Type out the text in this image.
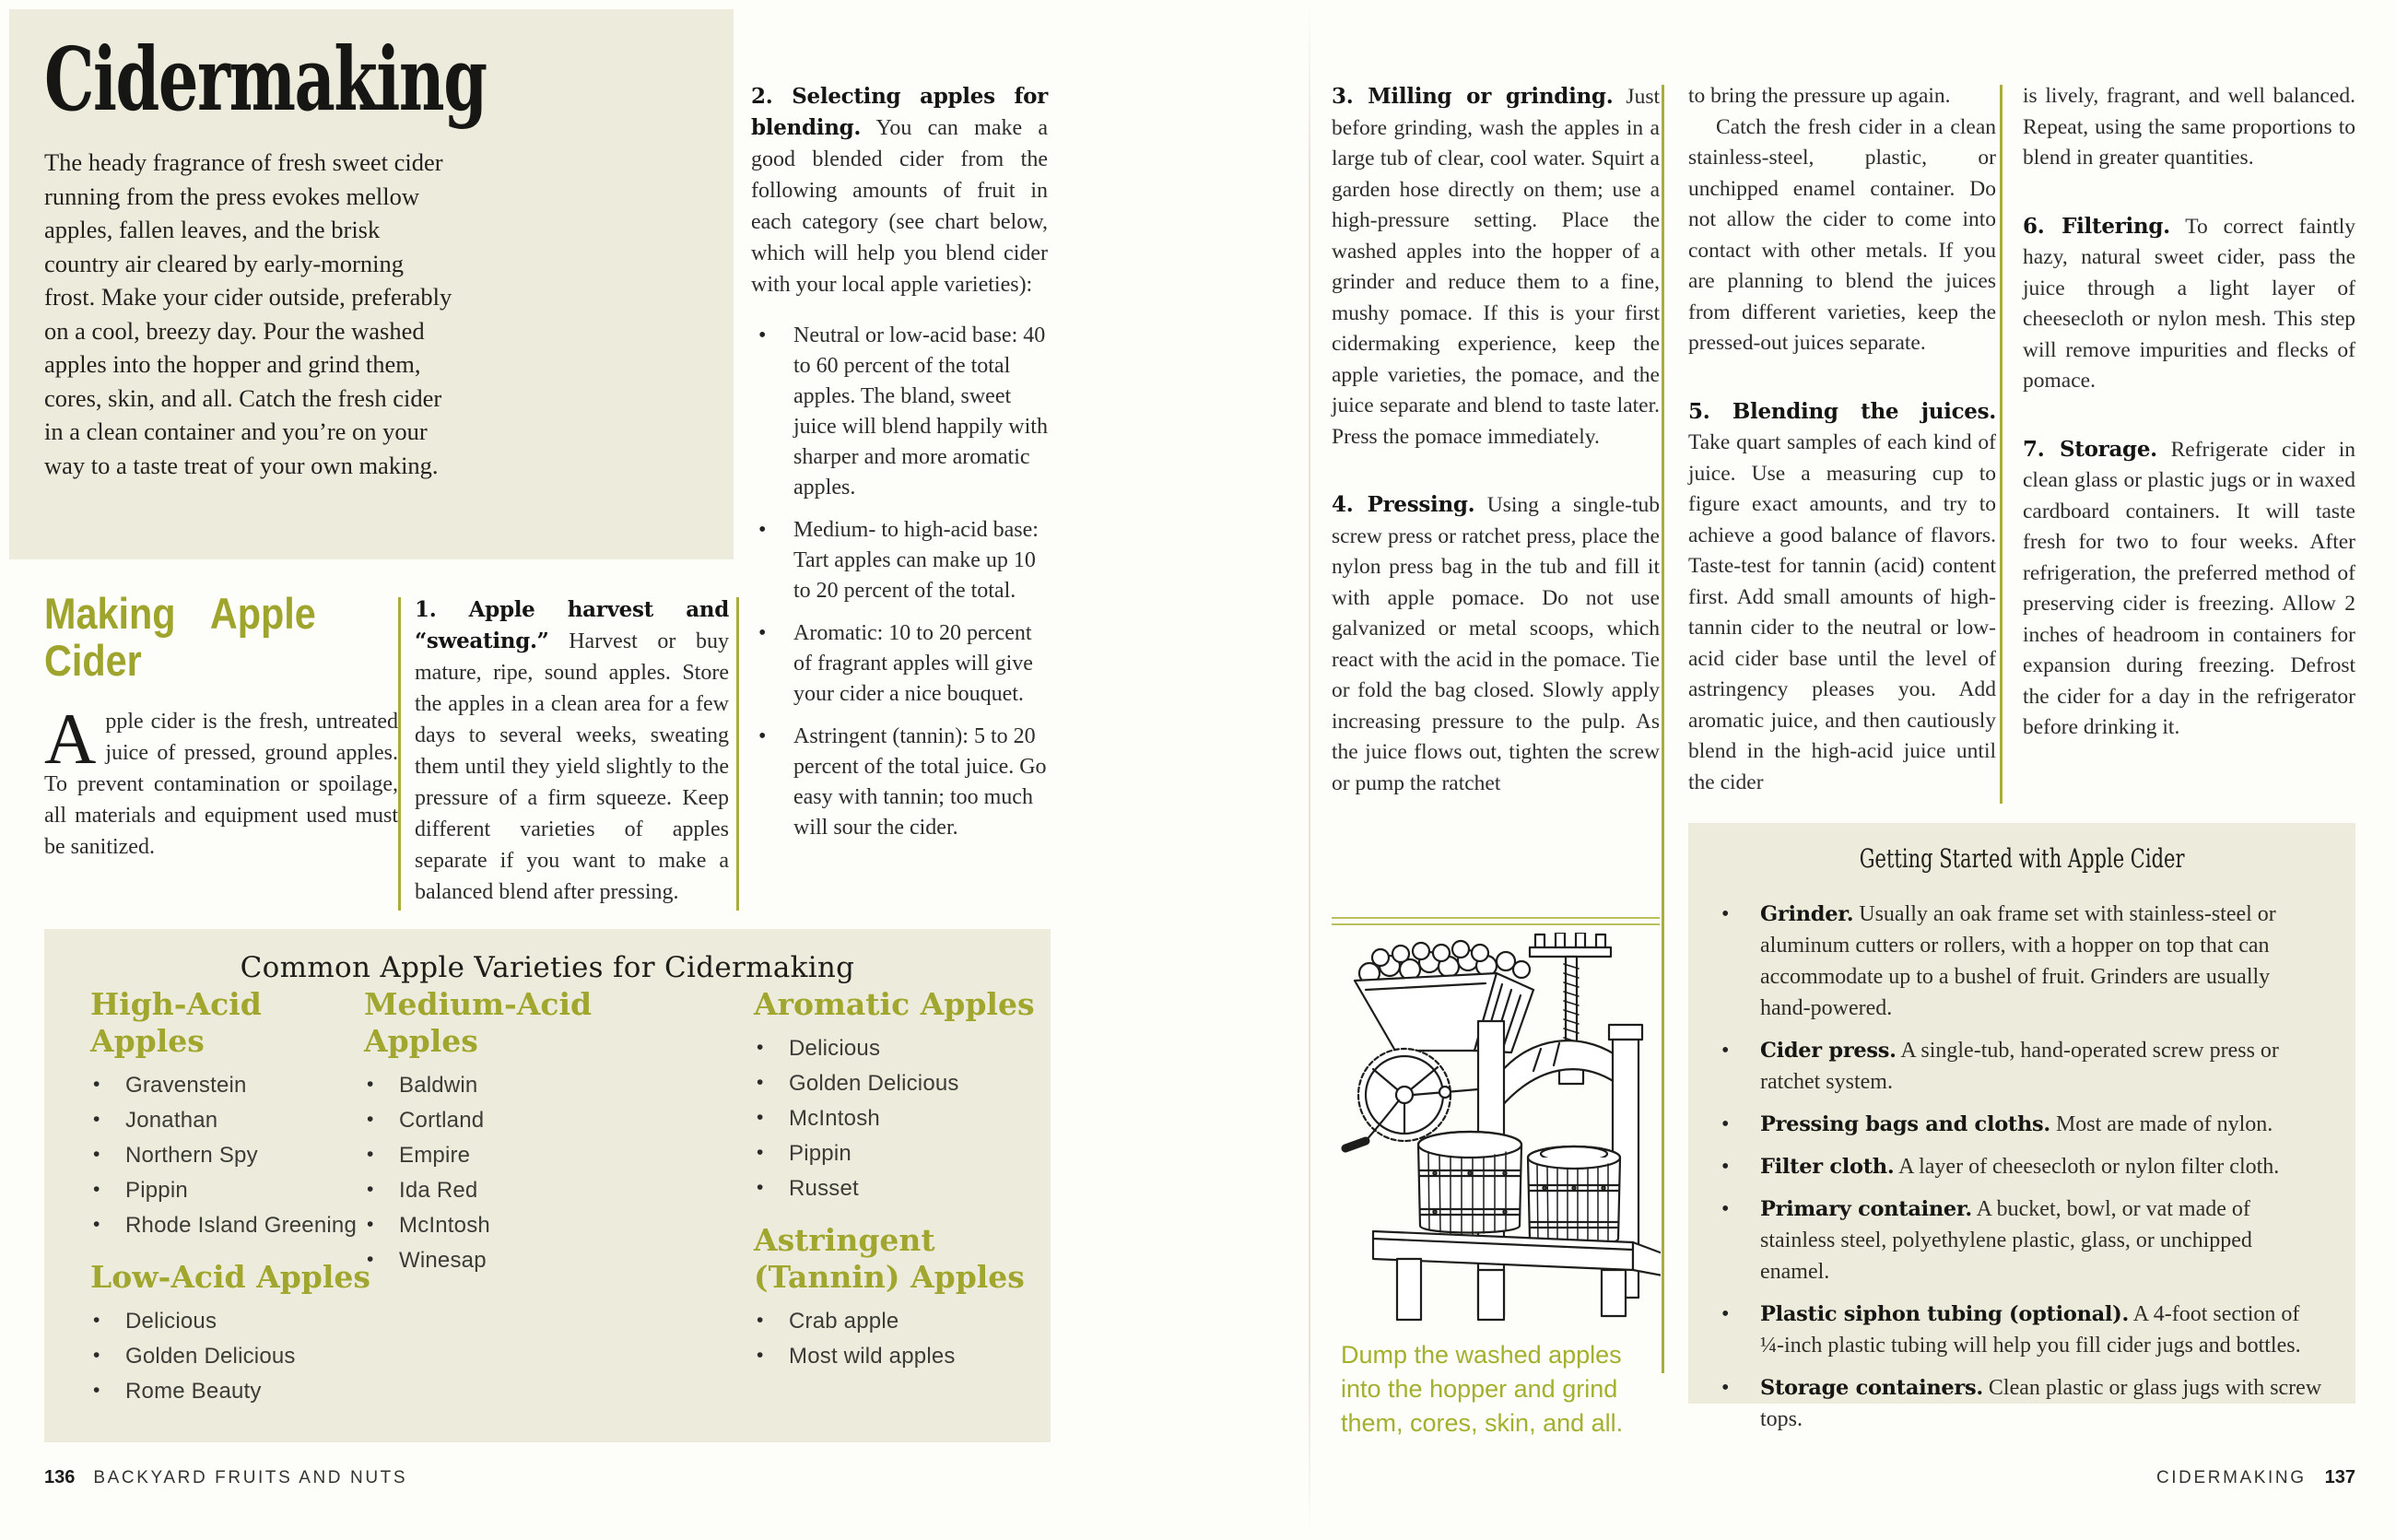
Cidermaking

The heady fragrance of fresh sweet cider running from the press evokes mellow apples, fallen leaves, and the brisk country air cleared by early-morning frost. Make your cider outside, preferably on a cool, breezy day. Pour the washed apples into the hopper and grind them, cores, skin, and all. Catch the fresh cider in a clean container and you’re on your way to a taste treat of your own making.

Making Apple Cider

Apple cider is the fresh, untreated juice of pressed, ground apples. To prevent contamination or spoilage, all materials and equipment used must be sanitized.

1. Apple harvest and “sweating.” Harvest or buy mature, ripe, sound apples. Store the apples in a clean area for a few days to several weeks, sweating them until they yield slightly to the pressure of a firm squeeze. Keep different varieties of apples separate if you want to make a balanced blend after pressing.

2. Selecting apples for blending. You can make a good blended cider from the following amounts of fruit in each category (see chart below, which will help you blend cider with your local apple varieties):

• Neutral or low-acid base: 40 to 60 percent of the total apples. The bland, sweet juice will blend happily with sharper and more aromatic apples.
• Medium- to high-acid base: Tart apples can make up 10 to 20 percent of the total.
• Aromatic: 10 to 20 percent of fragrant apples will give your cider a nice bouquet.
• Astringent (tannin): 5 to 20 percent of the total juice. Go easy with tannin; too much will sour the cider.
Common Apple Varieties for Cidermaking
High-Acid Apples
• Gravenstein
• Jonathan
• Northern Spy
• Pippin
• Rhode Island Greening
Low-Acid Apples
• Delicious
• Golden Delicious
• Rome Beauty
Medium-Acid Apples
• Baldwin
• Cortland
• Empire
• Ida Red
• McIntosh
• Winesap
Aromatic Apples
• Delicious
• Golden Delicious
• McIntosh
• Pippin
• Russet
Astringent (Tannin) Apples
• Crab apple
• Most wild apples
136 BACKYARD FRUITS AND NUTS

3. Milling or grinding. Just before grinding, wash the apples in a large tub of clear, cool water. Squirt a garden hose directly on them; use a high-pressure setting. Place the washed apples into the hopper of a grinder and reduce them to a fine, mushy pomace. If this is your first cidermaking experience, keep the apple varieties, the pomace, and the juice separate and blend to taste later. Press the pomace immediately.

4. Pressing. Using a single-tub screw press or ratchet press, place the nylon press bag in the tub and fill it with apple pomace. Do not use galvanized or metal scoops, which react with the acid in the pomace. Tie or fold the bag closed. Slowly apply increasing pressure to the pulp. As the juice flows out, tighten the screw or pump the ratchet

to bring the pressure up again.

Catch the fresh cider in a clean stainless-steel, plastic, or unchipped enamel container. Do not allow the cider to come into contact with other metals. If you are planning to blend the juices from different varieties, keep the pressed-out juices separate.

5. Blending the juices. Take quart samples of each kind of juice. Use a measuring cup to figure exact amounts, and try to achieve a good balance of flavors. Taste-test for tannin (acid) content first. Add small amounts of high-tannin cider to the neutral or low-acid cider base until the level of astringency pleases you. Add aromatic juice, and then cautiously blend in the high-acid juice until the cider

is lively, fragrant, and well balanced. Repeat, using the same proportions to blend in greater quantities.

6. Filtering. To correct faintly hazy, natural sweet cider, pass the juice through a light layer of cheesecloth or nylon mesh. This step will remove impurities and flecks of pomace.

7. Storage. Refrigerate cider in clean glass or plastic jugs or in waxed cardboard containers. It will taste fresh for two to four weeks. After refrigeration, the preferred method of preserving cider is freezing. Allow 2 inches of headroom in containers for expansion during freezing. Defrost the cider for a day in the refrigerator before drinking it.

Dump the washed apples into the hopper and grind them, cores, skin, and all.

Getting Started with Apple Cider
• Grinder. Usually an oak frame set with stainless-steel or aluminum cutters or rollers, with a hopper on top that can accommodate up to a bushel of fruit. Grinders are usually hand-powered.
• Cider press. A single-tub, hand-operated screw press or ratchet system.
• Pressing bags and cloths. Most are made of nylon.
• Filter cloth. A layer of cheesecloth or nylon filter cloth.
• Primary container. A bucket, bowl, or vat made of stainless steel, polyethylene plastic, glass, or unchipped enamel.
• Plastic siphon tubing (optional). A 4-foot section of ¼-inch plastic tubing will help you fill cider jugs and bottles.
• Storage containers. Clean plastic or glass jugs with screw tops.
CIDERMAKING 137
